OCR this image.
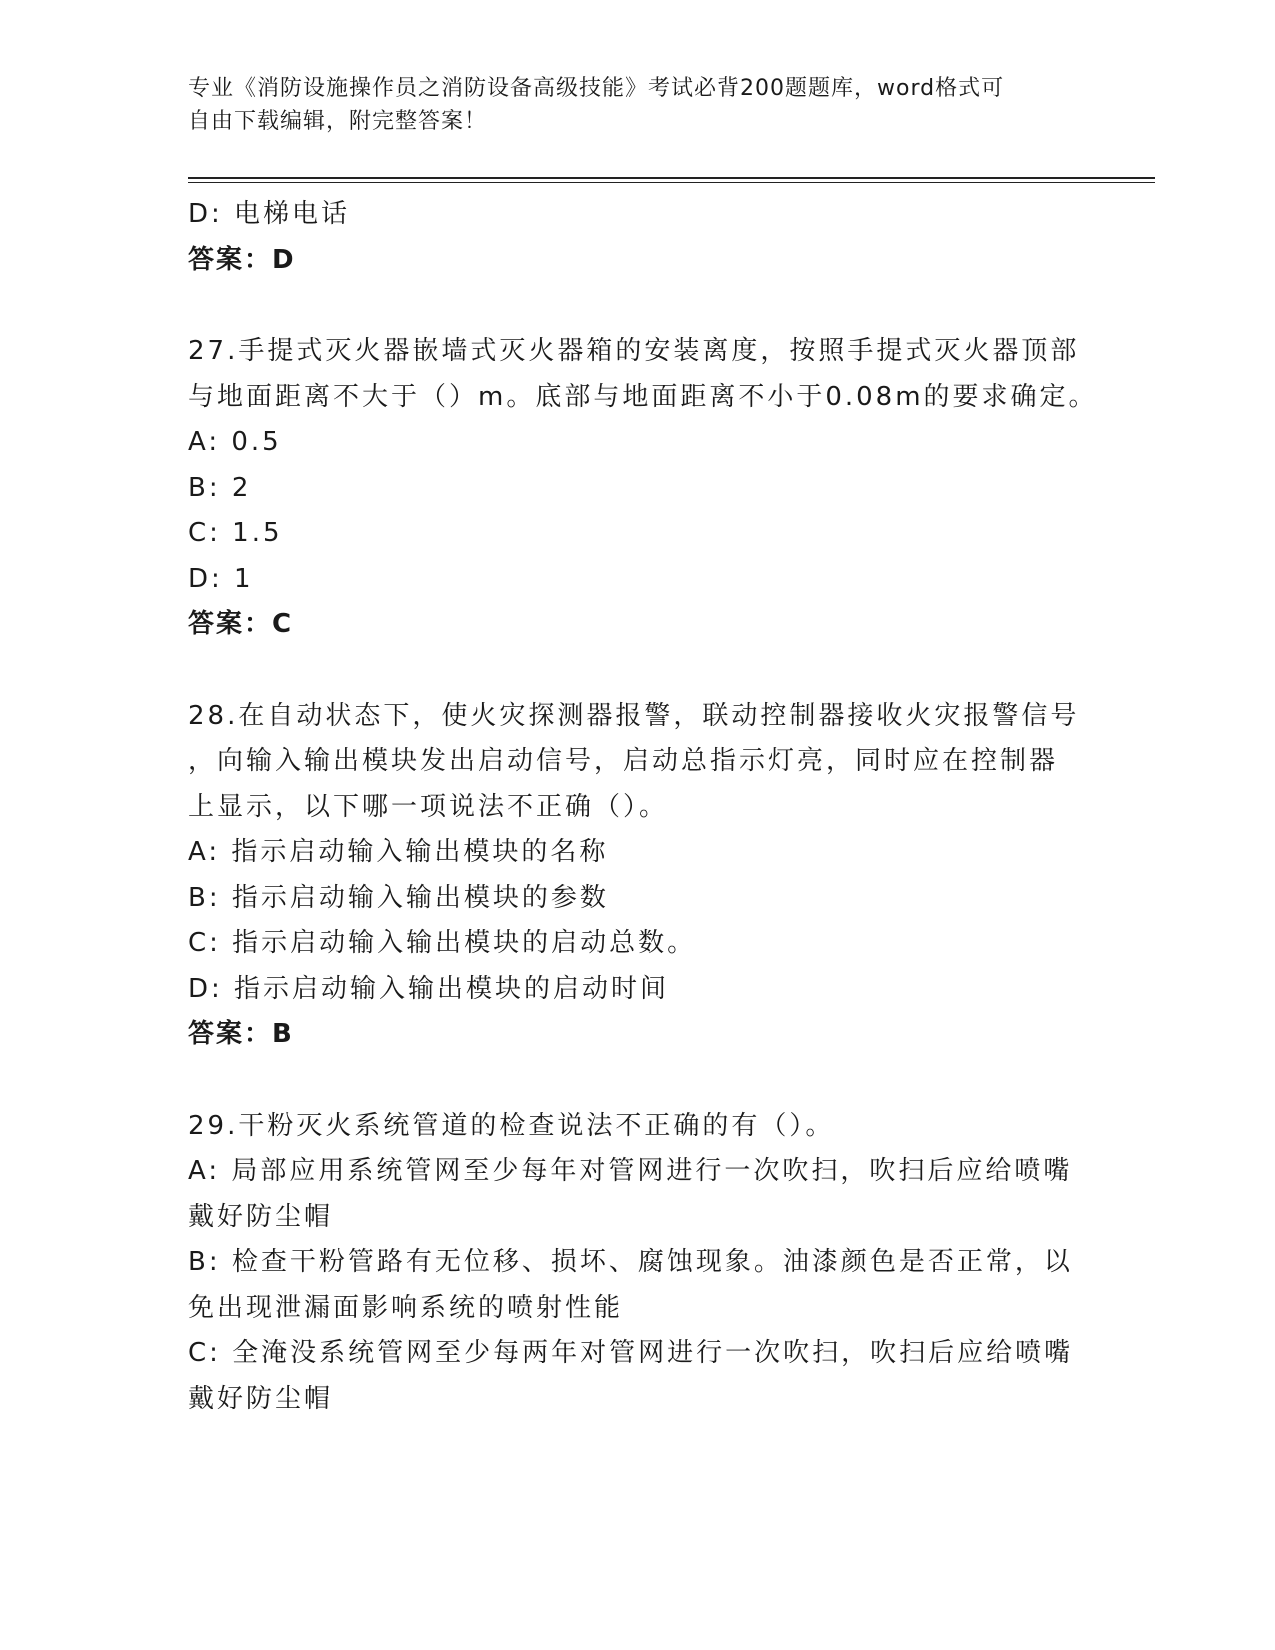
专业《消防设施操作员之消防设备高级技能》考试必背200题题库，word格式可
自由下载编辑，附完整答案！
D: 电梯电话
答案：D
27.手提式灭火器嵌墙式灭火器箱的安装离度，按照手提式灭火器顶部
与地面距离不大于（）m。底部与地面距离不小于0.08m的要求确定。
A: 0.5
B: 2
C: 1.5
D: 1
答案：C
28.在自动状态下，使火灾探测器报警，联动控制器接收火灾报警信号
，向输入输出模块发出启动信号，启动总指示灯亮，同时应在控制器
上显示，以下哪一项说法不正确（）。
A: 指示启动输入输出模块的名称
B: 指示启动输入输出模块的参数
C: 指示启动输入输出模块的启动总数。
D: 指示启动输入输出模块的启动时间
答案：B
29.干粉灭火系统管道的检查说法不正确的有（）。
A: 局部应用系统管网至少每年对管网进行一次吹扫，吹扫后应给喷嘴
戴好防尘帽
B: 检查干粉管路有无位移、损坏、腐蚀现象。油漆颜色是否正常，以
免出现泄漏面影响系统的喷射性能
C: 全淹没系统管网至少每两年对管网进行一次吹扫，吹扫后应给喷嘴
戴好防尘帽
